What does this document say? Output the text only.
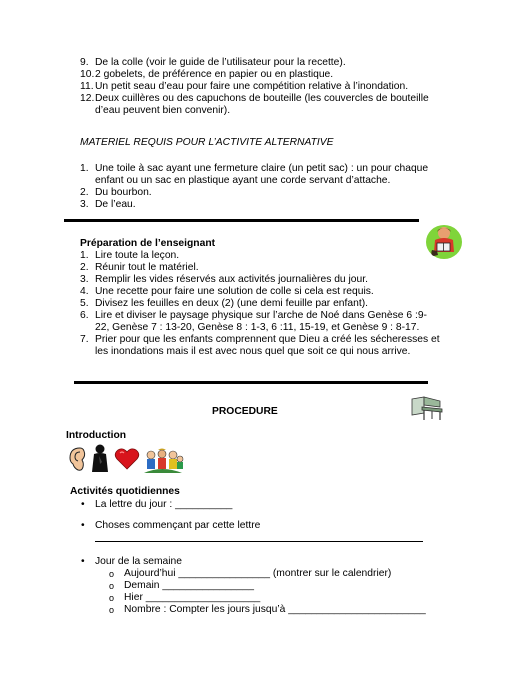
9. De la colle (voir le guide de l’utilisateur pour la recette).
10. 2 gobelets, de préférence en papier ou en plastique.
11. Un petit seau d’eau pour faire une compétition relative à l’inondation.
12. Deux cuillères ou des capuchons de bouteille (les couvercles de bouteille
d’eau peuvent bien convenir).
MATERIEL REQUIS POUR L’ACTIVITE ALTERNATIVE
1. Une toile à sac ayant une fermeture claire (un petit sac) : un pour chaque
enfant ou un sac en plastique ayant une corde servant d’attache.
2. Du bourbon.
3. De l’eau.
Préparation de l’enseignant
1. Lire toute la leçon.
2. Réunir tout le matériel.
3. Remplir les vides réservés aux activités journalières du jour.
4. Une recette pour faire une solution de colle si cela est requis.
5. Divisez les feuilles en deux (2) (une demi feuille par enfant).
6. Lire et diviser le paysage physique sur l’arche de Noé dans Genèse 6 :9-
22, Genèse 7 : 13-20, Genèse 8 : 1-3, 6 :11, 15-19, et Genèse 9 : 8-17.
7. Prier pour que les enfants comprennent que Dieu a créé les sécheresses et
les inondations mais il est avec nous quel que soit ce qui nous arrive.
PROCEDURE
Introduction
Activités quotidiennes
• La lettre du jour : __________
• Choses commençant par cette lettre
• Jour de la semaine
o Aujourd’hui ________________ (montrer sur le calendrier)
o Demain ________________
o Hier ____________________
o Nombre : Compter les jours jusqu’à ________________________
